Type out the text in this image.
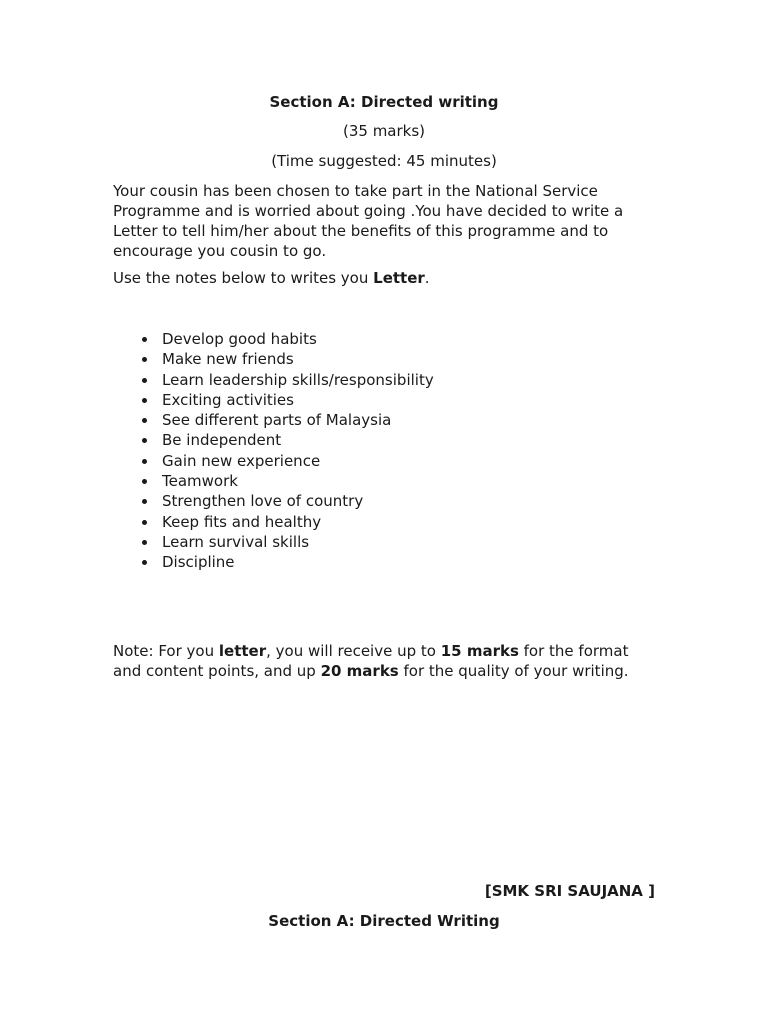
Section A: Directed writing
(35 marks)
(Time suggested: 45 minutes)

Your cousin has been chosen to take part in the National Service

Programme and is worried about going .You have decided to write a

Letter to tell him/her about the benefits of this programme and to

encourage you cousin to go.

Use the notes below to writes you Letter.
Develop good habits
Make new friends
Learn leadership skills/responsibility
Exciting activities
See different parts of Malaysia
Be independent
Gain new experience
Teamwork
Strengthen love of country
Keep fits and healthy
Learn survival skills
Discipline

Note: For you letter, you will receive up to 15 marks for the format

and content points, and up 20 marks for the quality of your writing.

[SMK SRI SAUJANA ]
Section A: Directed Writing
